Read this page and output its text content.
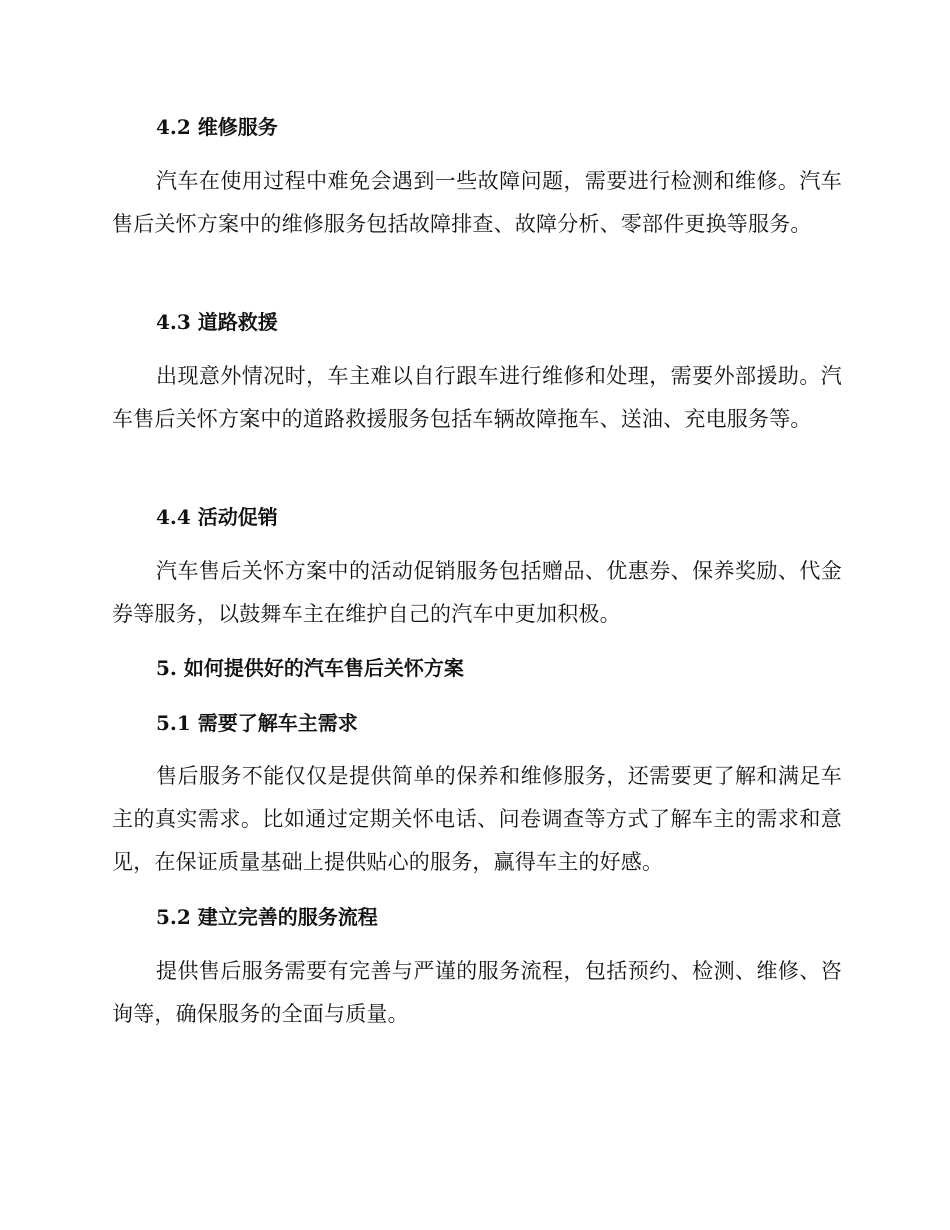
4.2 维修服务
汽车在使用过程中难免会遇到一些故障问题，需要进行检测和维修。汽车售后关怀方案中的维修服务包括故障排查、故障分析、零部件更换等服务。
4.3 道路救援
出现意外情况时，车主难以自行跟车进行维修和处理，需要外部援助。汽车售后关怀方案中的道路救援服务包括车辆故障拖车、送油、充电服务等。
4.4 活动促销
汽车售后关怀方案中的活动促销服务包括赠品、优惠券、保养奖励、代金券等服务，以鼓舞车主在维护自己的汽车中更加积极。
5. 如何提供好的汽车售后关怀方案
5.1 需要了解车主需求
售后服务不能仅仅是提供简单的保养和维修服务，还需要更了解和满足车主的真实需求。比如通过定期关怀电话、问卷调查等方式了解车主的需求和意见，在保证质量基础上提供贴心的服务，赢得车主的好感。
5.2 建立完善的服务流程
提供售后服务需要有完善与严谨的服务流程，包括预约、检测、维修、咨询等，确保服务的全面与质量。
